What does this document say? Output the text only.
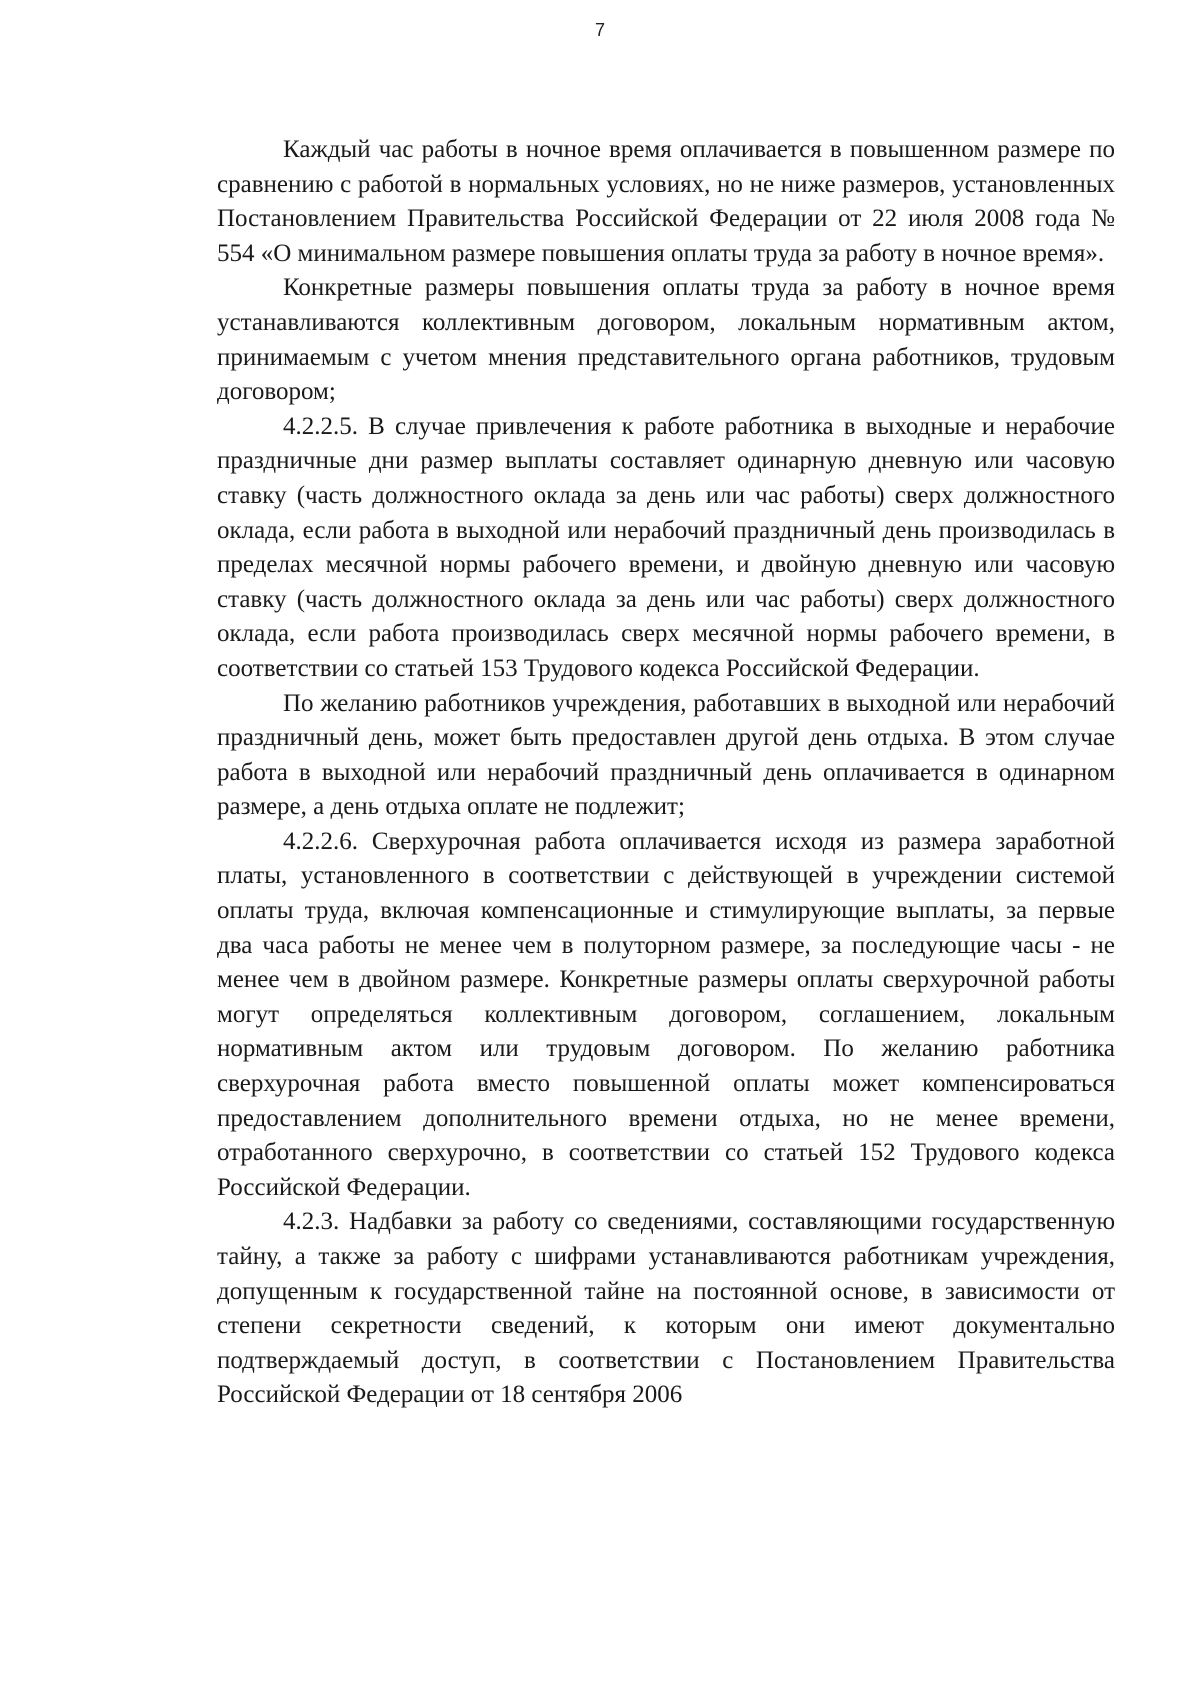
7

Каждый час работы в ночное время оплачивается в повышенном размере по сравнению с работой в нормальных условиях, но не ниже размеров, установленных Постановлением Правительства Российской Федерации от 22 июля 2008 года № 554 «О минимальном размере повышения оплаты труда за работу в ночное время».

Конкретные размеры повышения оплаты труда за работу в ночное время устанавливаются коллективным договором, локальным нормативным актом, принимаемым с учетом мнения представительного органа работников, трудовым договором;

4.2.2.5. В случае привлечения к работе работника в выходные и нерабочие праздничные дни размер выплаты составляет одинарную дневную или часовую ставку (часть должностного оклада за день или час работы) сверх должностного оклада, если работа в выходной или нерабочий праздничный день производилась в пределах месячной нормы рабочего времени, и двойную дневную или часовую ставку (часть должностного оклада за день или час работы) сверх должностного оклада, если работа производилась сверх месячной нормы рабочего времени, в соответствии со статьей 153 Трудового кодекса Российской Федерации.

По желанию работников учреждения, работавших в выходной или нерабочий праздничный день, может быть предоставлен другой день отдыха. В этом случае работа в выходной или нерабочий праздничный день оплачивается в одинарном размере, а день отдыха оплате не подлежит;

4.2.2.6. Сверхурочная работа оплачивается исходя из размера заработной платы, установленного в соответствии с действующей в учреждении системой оплаты труда, включая компенсационные и стимулирующие выплаты, за первые два часа работы не менее чем в полуторном размере, за последующие часы - не менее чем в двойном размере. Конкретные размеры оплаты сверхурочной работы могут определяться коллективным договором, соглашением, локальным нормативным актом или трудовым договором. По желанию работника сверхурочная работа вместо повышенной оплаты может компенсироваться предоставлением дополнительного времени отдыха, но не менее времени, отработанного сверхурочно, в соответствии со статьей 152 Трудового кодекса Российской Федерации.

4.2.3. Надбавки за работу со сведениями, составляющими государственную тайну, а также за работу с шифрами устанавливаются работникам учреждения, допущенным к государственной тайне на постоянной основе, в зависимости от степени секретности сведений, к которым они имеют документально подтверждаемый доступ, в соответствии с Постановлением Правительства Российской Федерации от 18 сентября 2006
